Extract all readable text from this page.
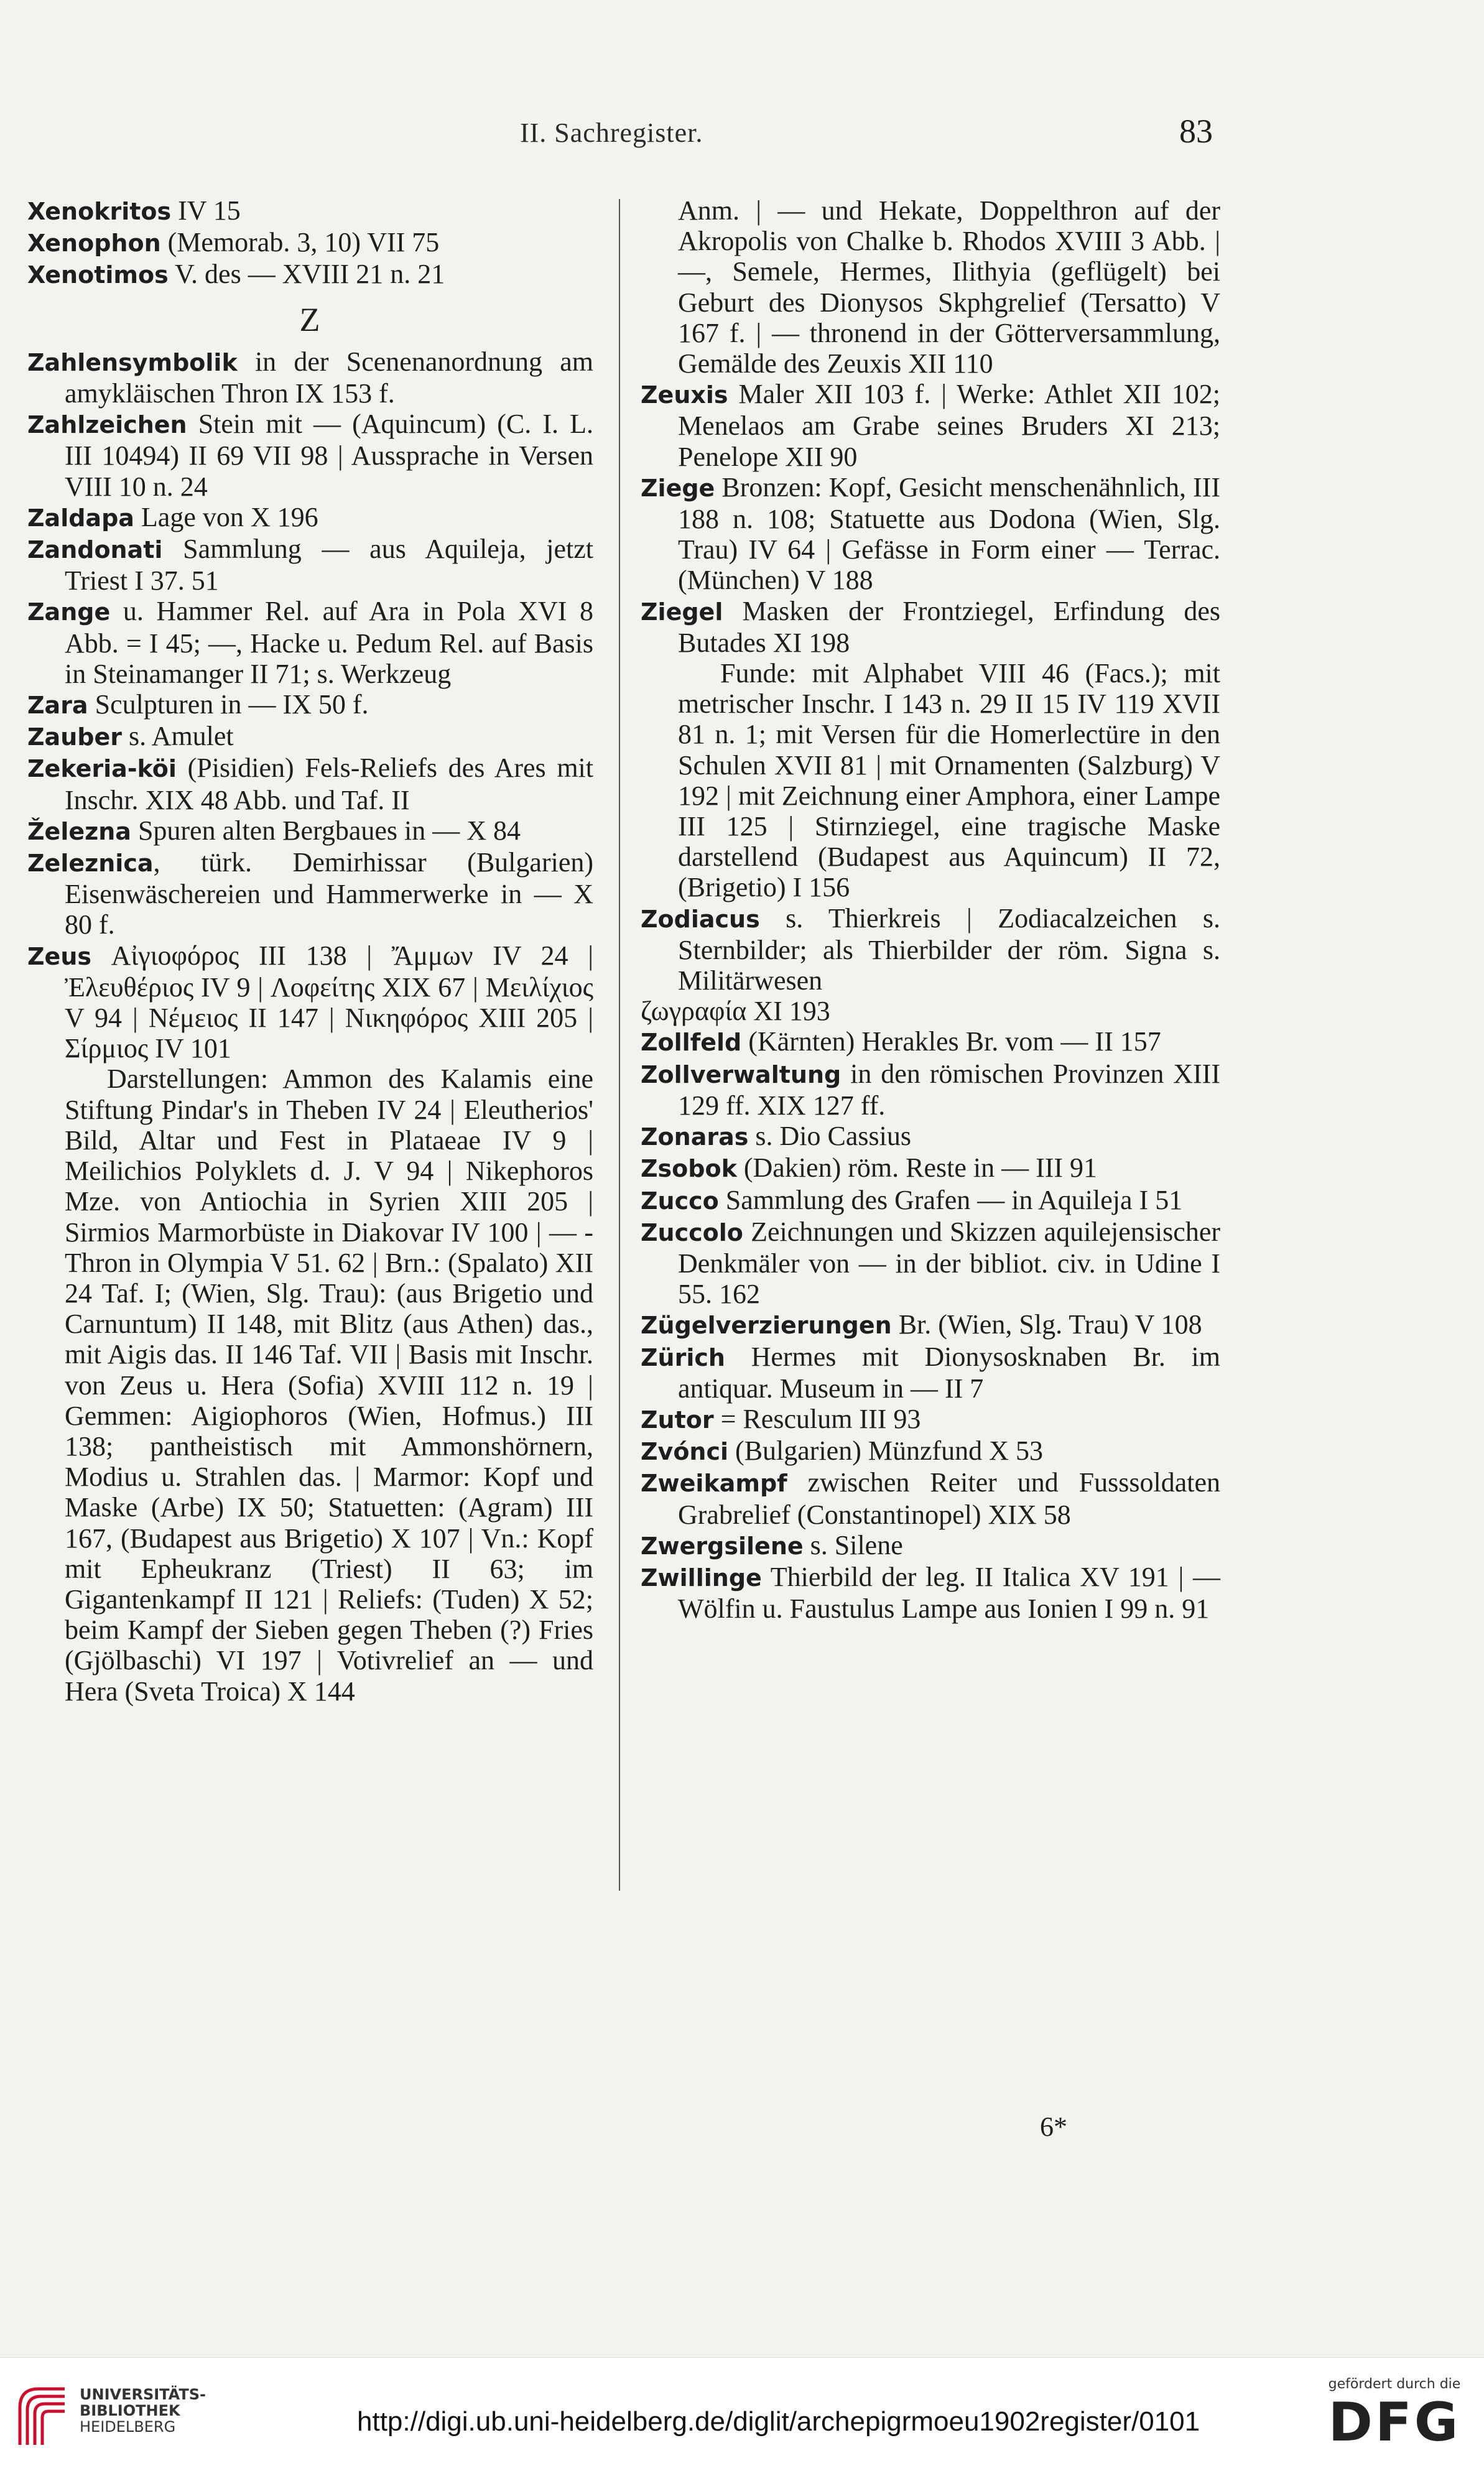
II. Sachregister.	83

Xenokritos IV 15

Xenophon (Memorab. 3, 10) VII 75

Xenotimos V. des — XVIII 21 n. 21

Z

Zahlensymbolik in der Scenenanordnung am amykläischen Thron IX 153 f.

Zahlzeichen Stein mit — (Aquincum) (C. I. L. III 10494) II 69 VII 98 | Aussprache in Versen VIII 10 n. 24

Zaldapa Lage von X 196

Zandonati Sammlung — aus Aquileja, jetzt Triest I 37. 51

Zange u. Hammer Rel. auf Ara in Pola XVI 8 Abb. = I 45; —, Hacke u. Pedum Rel. auf Basis in Steinamanger II 71; s. Werkzeug

Zara Sculpturen in — IX 50 f.

Zauber s. Amulet

Zekeria-köi (Pisidien) Fels-Reliefs des Ares mit Inschr. XIX 48 Abb. und Taf. II

Železna Spuren alten Bergbaues in — X 84

Zeleznica, türk. Demirhissar (Bulgarien) Eisenwäschereien und Hammerwerke in — X 80 f.

Zeus Αἰγιοφόρος III 138 | Ἄμμων IV 24 | Ἐλευθέριος IV 9 | Λοφείτης XIX 67 | Μειλίχιος V 94 | Νέμειος II 147 | Νικηφόρος XIII 205 | Σίρμιος IV 101

Darstellungen: Ammon des Kalamis eine Stiftung Pindar's in Theben IV 24 | Eleutherios' Bild, Altar und Fest in Plataeae IV 9 | Meilichios Polyklets d. J. V 94 | Nikephoros Mze. von Antiochia in Syrien XIII 205 | Sirmios Marmorbüste in Diakovar IV 100 | — -Thron in Olympia V 51. 62 | Brn.: (Spalato) XII 24 Taf. I; (Wien, Slg. Trau): (aus Brigetio und Carnuntum) II 148, mit Blitz (aus Athen) das., mit Aigis das. II 146 Taf. VII | Basis mit Inschr. von Zeus u. Hera (Sofia) XVIII 112 n. 19 | Gemmen: Aigiophoros (Wien, Hofmus.) III 138; pantheistisch mit Ammonshörnern, Modius u. Strahlen das. | Marmor: Kopf und Maske (Arbe) IX 50; Statuetten: (Agram) III 167, (Budapest aus Brigetio) X 107 | Vn.: Kopf mit Epheukranz (Triest) II 63; im Gigantenkampf II 121 | Reliefs: (Tuden) X 52; beim Kampf der Sieben gegen Theben (?) Fries (Gjölbaschi) VI 197 | Votivrelief an — und Hera (Sveta Troica) X 144

Anm. | — und Hekate, Doppelthron auf der Akropolis von Chalke b. Rhodos XVIII 3 Abb. | —, Semele, Hermes, Ilithyia (geflügelt) bei Geburt des Dionysos Skphgrelief (Tersatto) V 167 f. | — thronend in der Götterversammlung, Gemälde des Zeuxis XII 110

Zeuxis Maler XII 103 f. | Werke: Athlet XII 102; Menelaos am Grabe seines Bruders XI 213; Penelope XII 90

Ziege Bronzen: Kopf, Gesicht menschenähnlich, III 188 n. 108; Statuette aus Dodona (Wien, Slg. Trau) IV 64 | Gefässe in Form einer — Terrac. (München) V 188

Ziegel Masken der Frontziegel, Erfindung des Butades XI 198

Funde: mit Alphabet VIII 46 (Facs.); mit metrischer Inschr. I 143 n. 29 II 15 IV 119 XVII 81 n. 1; mit Versen für die Homerlectüre in den Schulen XVII 81 | mit Ornamenten (Salzburg) V 192 | mit Zeichnung einer Amphora, einer Lampe III 125 | Stirnziegel, eine tragische Maske darstellend (Budapest aus Aquincum) II 72, (Brigetio) I 156

Zodiacus s. Thierkreis | Zodiacalzeichen s. Sternbilder; als Thierbilder der röm. Signa s. Militärwesen

ζωγραφία XI 193

Zollfeld (Kärnten) Herakles Br. vom — II 157

Zollverwaltung in den römischen Provinzen XIII 129 ff. XIX 127 ff.

Zonaras s. Dio Cassius

Zsobok (Dakien) röm. Reste in — III 91

Zucco Sammlung des Grafen — in Aquileja I 51

Zuccolo Zeichnungen und Skizzen aquilejensischer Denkmäler von — in der bibliot. civ. in Udine I 55. 162

Zügelverzierungen Br. (Wien, Slg. Trau) V 108

Zürich Hermes mit Dionysosknaben Br. im antiquar. Museum in — II 7

Zutor = Resculum III 93

Zvónci (Bulgarien) Münzfund X 53

Zweikampf zwischen Reiter und Fusssoldaten Grabrelief (Constantinopel) XIX 58

Zwergsilene s. Silene

Zwillinge Thierbild der leg. II Italica XV 191 | — Wölfin u. Faustulus Lampe aus Ionien I 99 n. 91

6*
UNIVERSITÄTS-
BIBLIOTHEK
HEIDELBERG	http://digi.ub.uni-heidelberg.de/diglit/archepigrmoeu1902register/0101
gefördert durch die
DFG
